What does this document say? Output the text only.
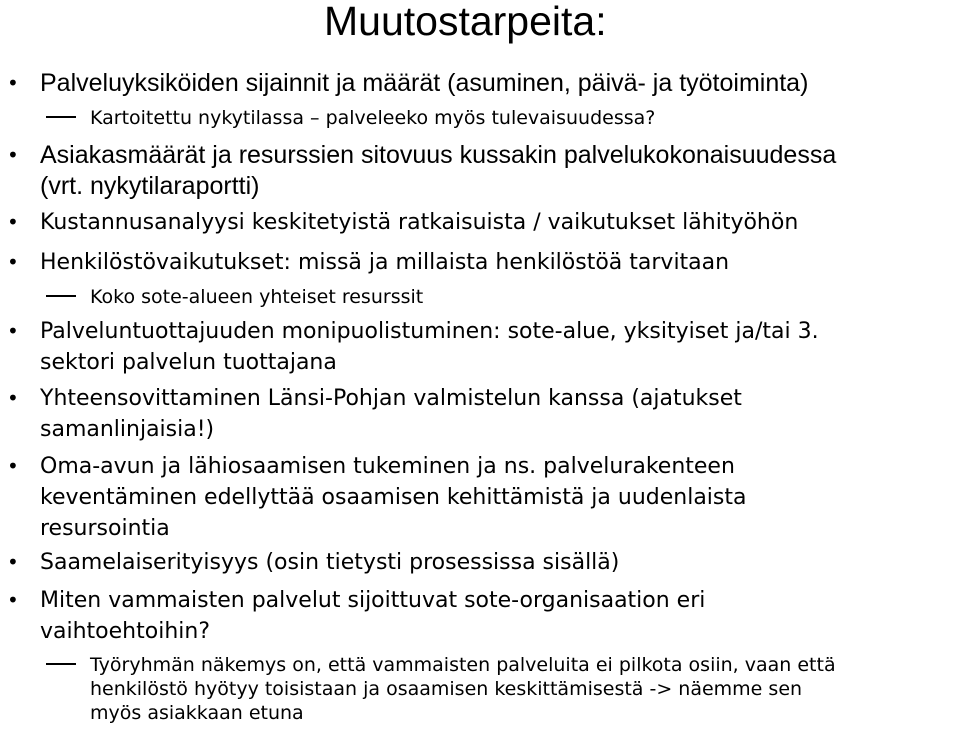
Muutostarpeita:
• Palveluyksiköiden sijainnit ja määrät (asuminen, päivä- ja työtoiminta)
Kartoitettu nykytilassa – palveleeko myös tulevaisuudessa?
• Asiakasmäärät ja resurssien sitovuus kussakin palvelukokonaisuudessa
(vrt. nykytilaraportti)
• Kustannusanalyysi keskitetyistä ratkaisuista / vaikutukset lähityöhön
• Henkilöstövaikutukset: missä ja millaista henkilöstöä tarvitaan
Koko sote-alueen yhteiset resurssit
• Palveluntuottajuuden monipuolistuminen: sote-alue, yksityiset ja/tai 3.
sektori palvelun tuottajana
• Yhteensovittaminen Länsi-Pohjan valmistelun kanssa (ajatukset
samanlinjaisia!)
• Oma-avun ja lähiosaamisen tukeminen ja ns. palvelurakenteen
keventäminen edellyttää osaamisen kehittämistä ja uudenlaista
resursointia
• Saamelaiserityisyys (osin tietysti prosessissa sisällä)
• Miten vammaisten palvelut sijoittuvat sote-organisaation eri
vaihtoehtoihin?
Työryhmän näkemys on, että vammaisten palveluita ei pilkota osiin, vaan että
henkilöstö hyötyy toisistaan ja osaamisen keskittämisestä -> näemme sen
myös asiakkaan etuna
